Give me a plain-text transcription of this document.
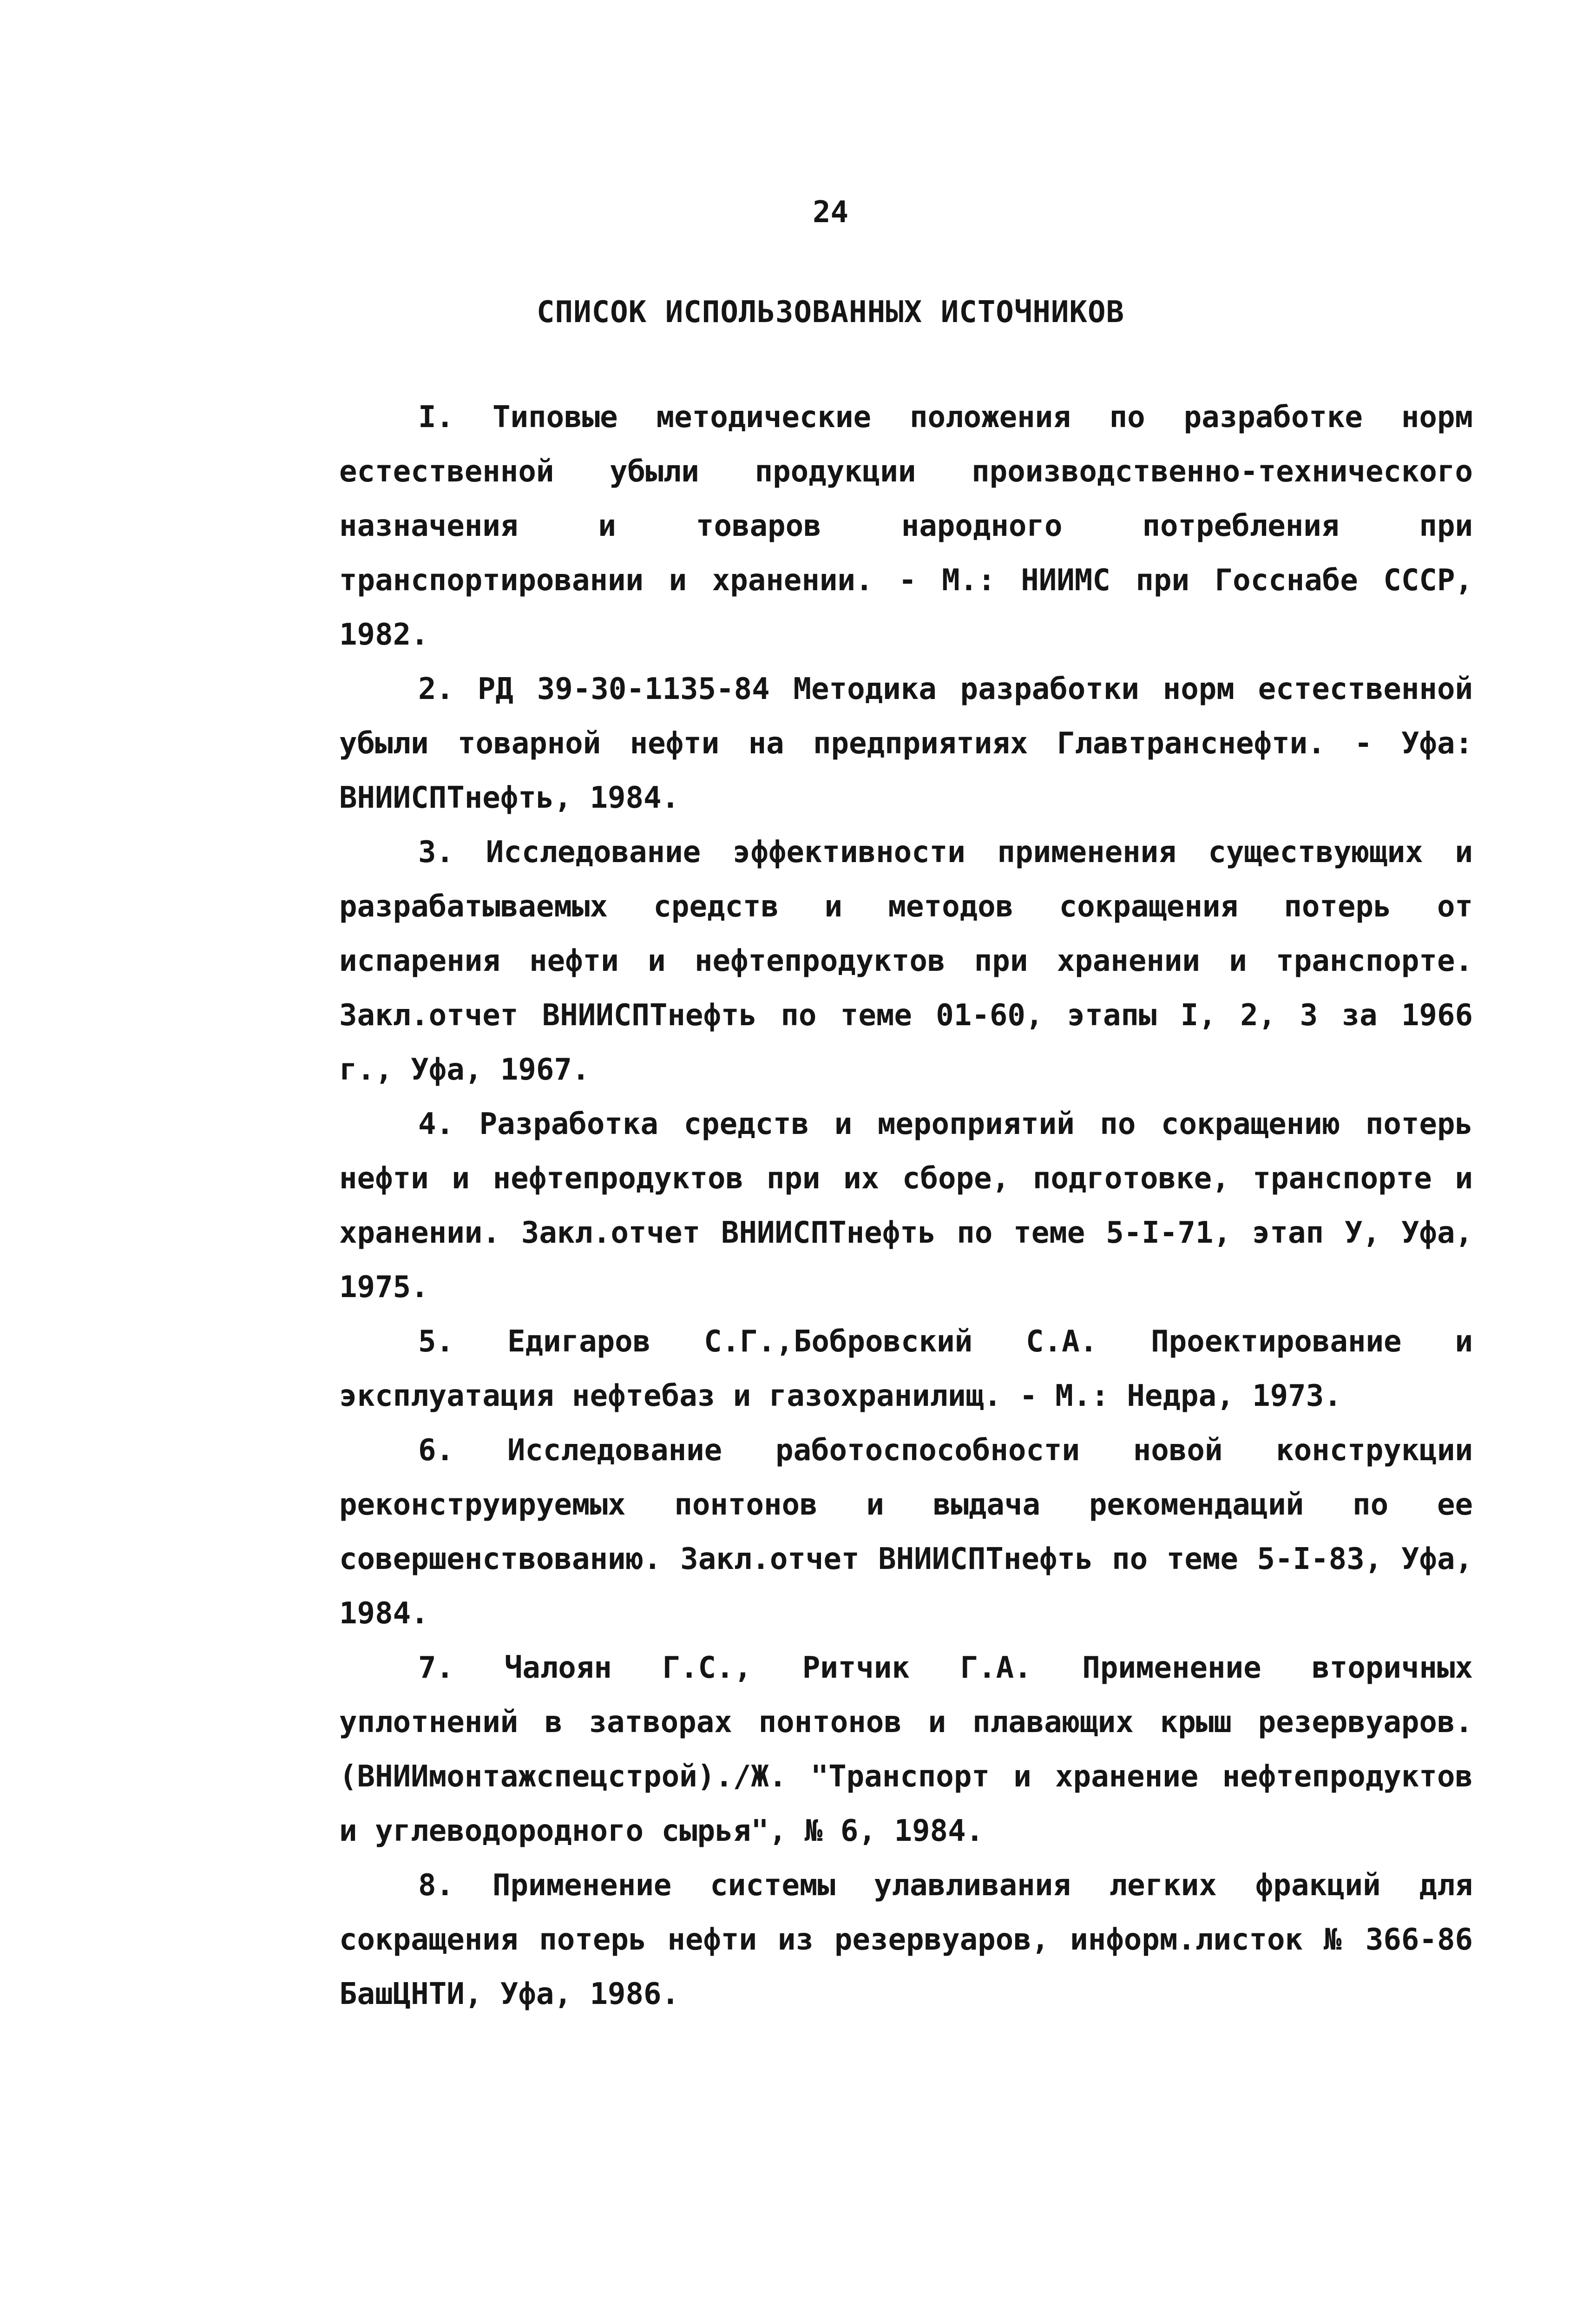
24
СПИСОК ИСПОЛЬЗОВАННЫХ ИСТОЧНИКОВ
I. Типовые методические положения по разработке норм естественной убыли продукции производственно-технического назначения и товаров народного потребления при транспортировании и хранении. - М.: НИИМС при Госснабе СССР, 1982.
2. РД 39-30-1135-84 Методика разработки норм естественной убыли товарной нефти на предприятиях Главтранснефти. - Уфа: ВНИИСПТнефть, 1984.
3. Исследование эффективности применения существующих и разрабатываемых средств и методов сокращения потерь от испарения нефти и нефтепродуктов при хранении и транспорте. Закл.отчет ВНИИСПТнефть по теме 01-60, этапы I, 2, 3 за 1966 г., Уфа, 1967.
4. Разработка средств и мероприятий по сокращению потерь нефти и нефтепродуктов при их сборе, подготовке, транспорте и хранении. Закл.отчет ВНИИСПТнефть по теме 5-I-71, этап У, Уфа, 1975.
5. Едигаров С.Г.,Бобровский С.А. Проектирование и эксплуатация нефтебаз и газохранилищ. - М.: Недра, 1973.
6. Исследование работоспособности новой конструкции реконструируемых понтонов и выдача рекомендаций по ее совершенствованию. Закл.отчет ВНИИСПТнефть по теме 5-I-83, Уфа, 1984.
7. Чалоян Г.С., Ритчик Г.А. Применение вторичных уплотнений в затворах понтонов и плавающих крыш резервуаров. (ВНИИмонтажспецстрой)./Ж. "Транспорт и хранение нефтепродуктов и углеводородного сырья", № 6, 1984.
8. Применение системы улавливания легких фракций для сокращения потерь нефти из резервуаров, информ.листок № 366-86 БашЦНТИ, Уфа, 1986.
